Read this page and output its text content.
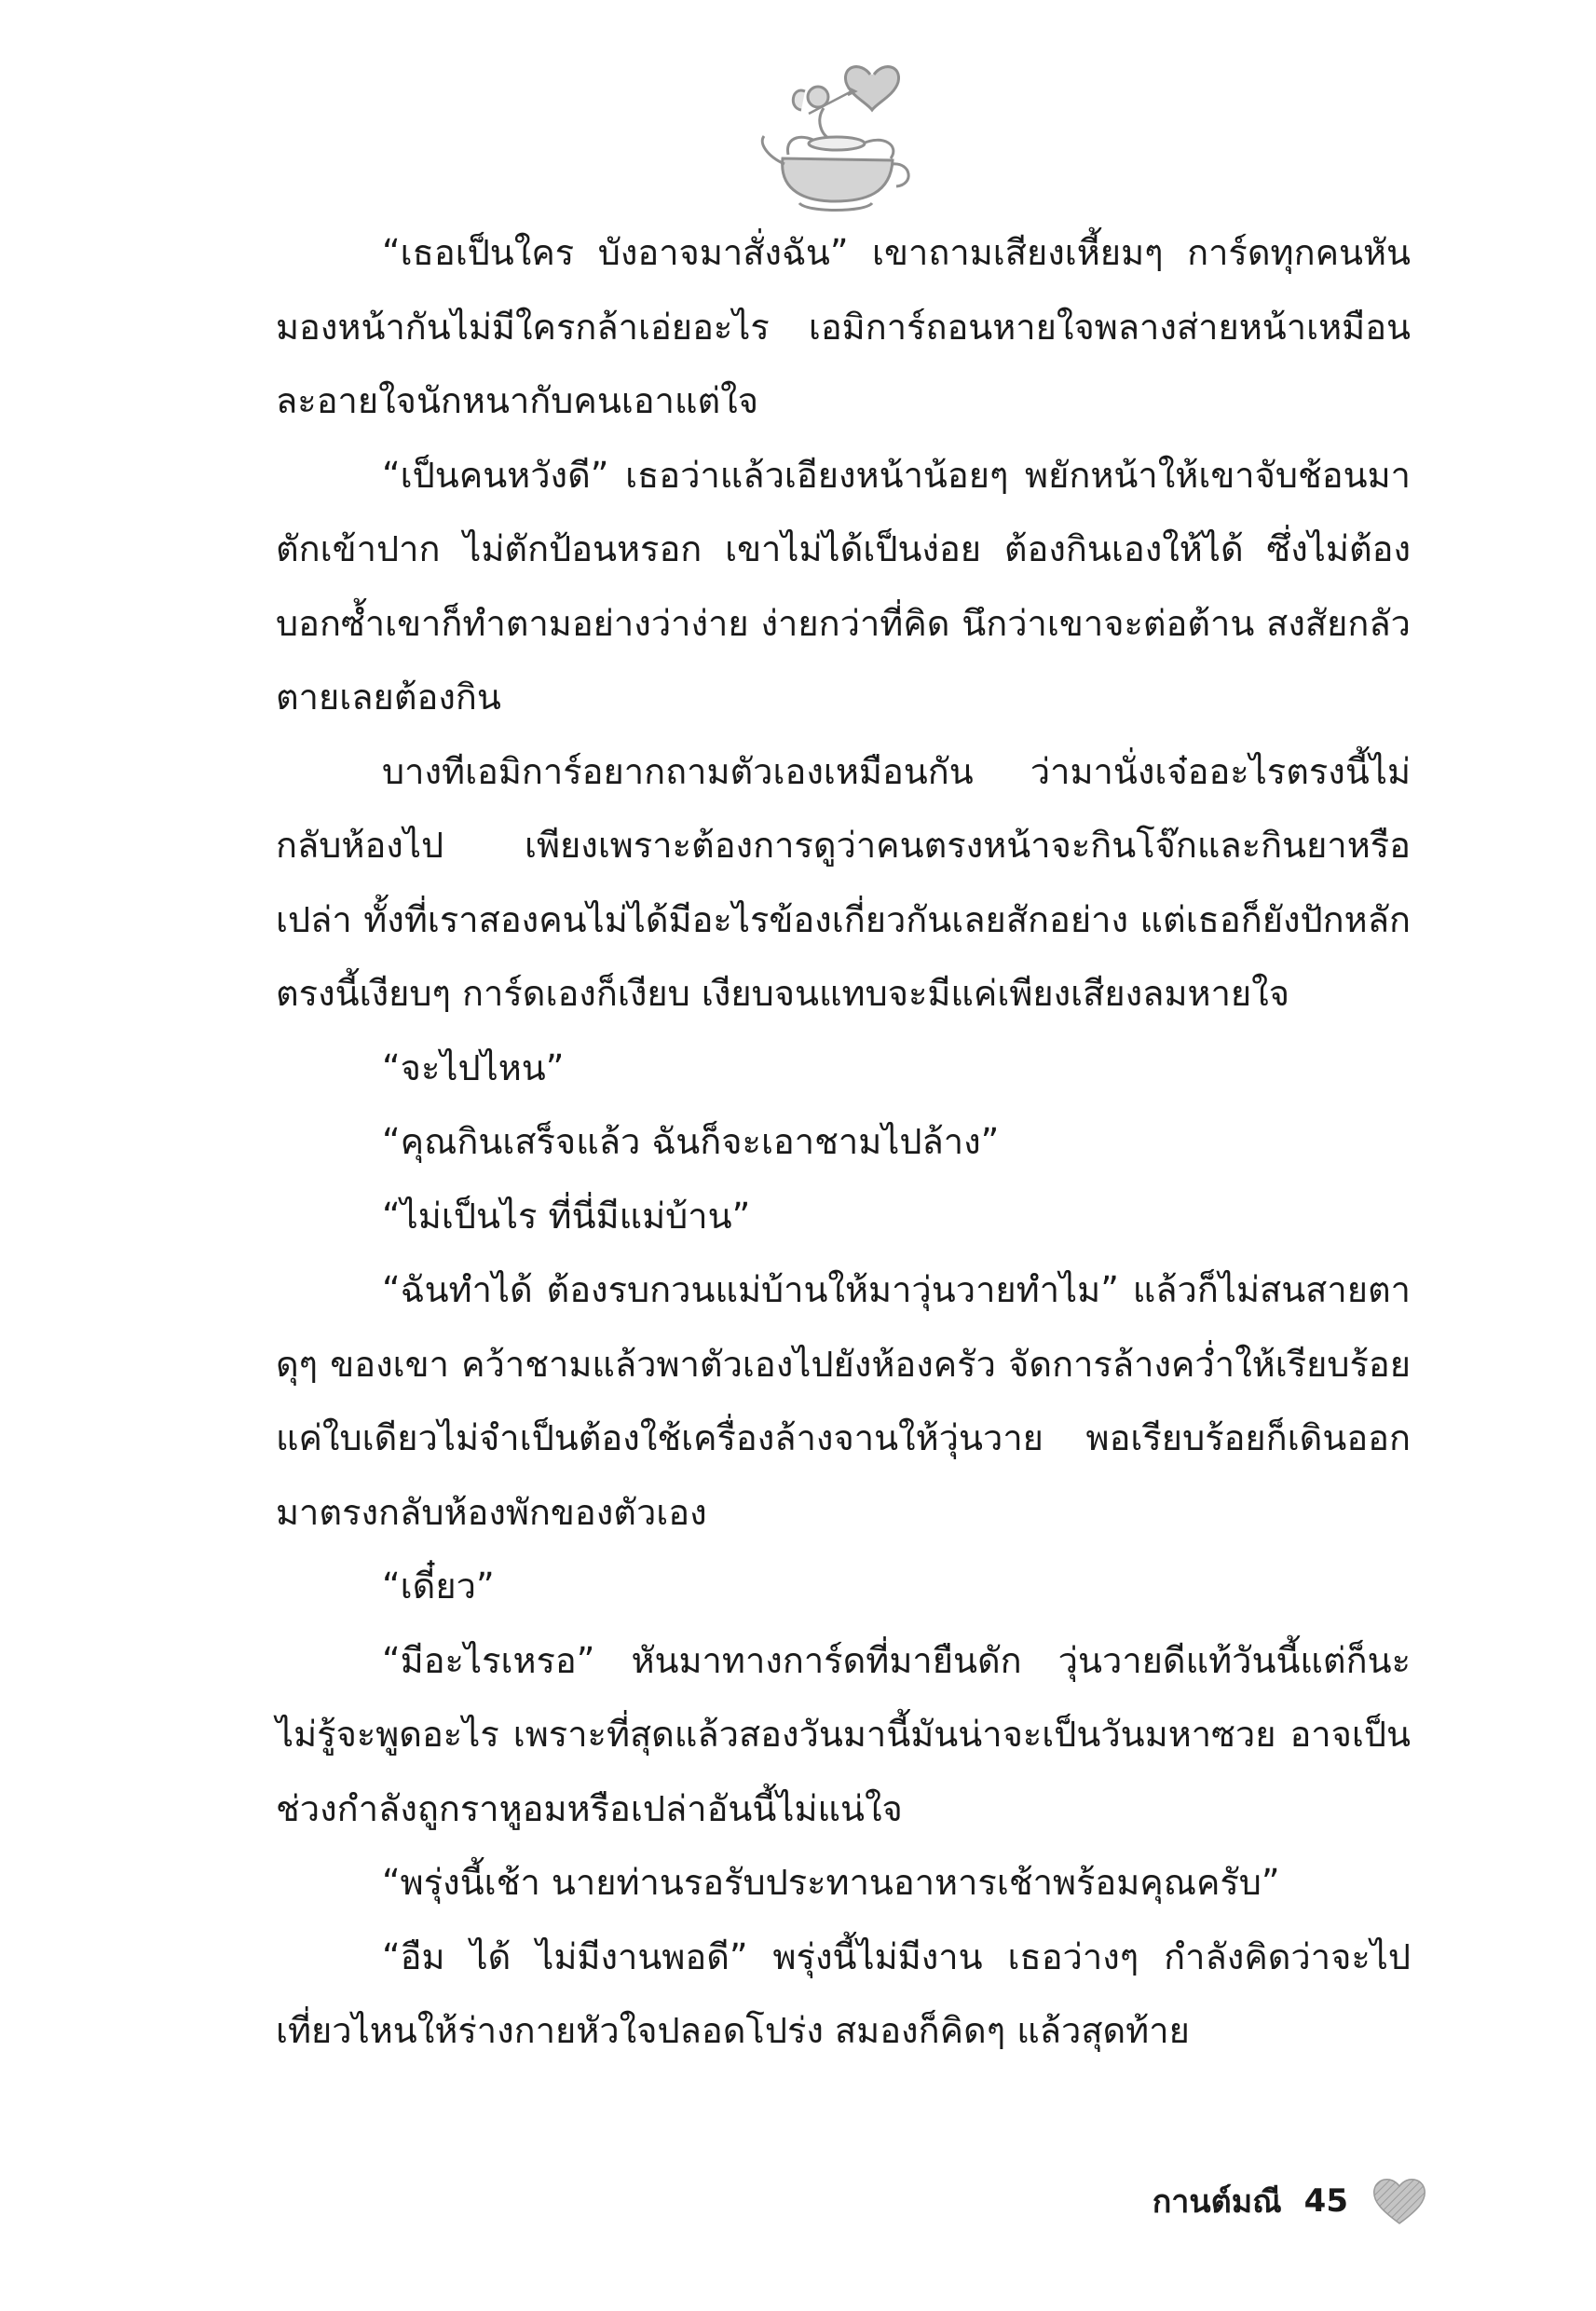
“เธอเป็นใคร บังอาจมาสั่งฉัน” เขาถามเสียงเหี้ยมๆ การ์ดทุกคนหันมองหน้ากันไม่มีใครกล้าเอ่ยอะไร เอมิการ์ถอนหายใจพลางส่ายหน้าเหมือนละอายใจนักหนากับคนเอาแต่ใจ

“เป็นคนหวังดี” เธอว่าแล้วเอียงหน้าน้อยๆ พยักหน้าให้เขาจับช้อนมาตักเข้าปาก ไม่ตักป้อนหรอก เขาไม่ได้เป็นง่อย ต้องกินเองให้ได้ ซึ่งไม่ต้องบอกซ้ำเขาก็ทำตามอย่างว่าง่าย ง่ายกว่าที่คิด นึกว่าเขาจะต่อต้าน สงสัยกลัวตายเลยต้องกิน

บางทีเอมิการ์อยากถามตัวเองเหมือนกัน ว่ามานั่งเจ๋ออะไรตรงนี้ไม่กลับห้องไป เพียงเพราะต้องการดูว่าคนตรงหน้าจะกินโจ๊กและกินยาหรือเปล่า ทั้งที่เราสองคนไม่ได้มีอะไรข้องเกี่ยวกันเลยสักอย่าง แต่เธอก็ยังปักหลักตรงนี้เงียบๆ การ์ดเองก็เงียบ เงียบจนแทบจะมีแค่เพียงเสียงลมหายใจ

“จะไปไหน”

“คุณกินเสร็จแล้ว ฉันก็จะเอาชามไปล้าง”

“ไม่เป็นไร ที่นี่มีแม่บ้าน”

“ฉันทำได้ ต้องรบกวนแม่บ้านให้มาวุ่นวายทำไม” แล้วก็ไม่สนสายตาดุๆ ของเขา คว้าชามแล้วพาตัวเองไปยังห้องครัว จัดการล้างคว่ำให้เรียบร้อย แค่ใบเดียวไม่จำเป็นต้องใช้เครื่องล้างจานให้วุ่นวาย พอเรียบร้อยก็เดินออกมาตรงกลับห้องพักของตัวเอง

“เดี๋ยว”

“มีอะไรเหรอ” หันมาทางการ์ดที่มายืนดัก วุ่นวายดีแท้วันนี้แต่ก็นะ ไม่รู้จะพูดอะไร เพราะที่สุดแล้วสองวันมานี้มันน่าจะเป็นวันมหาซวย อาจเป็นช่วงกำลังถูกราหูอมหรือเปล่าอันนี้ไม่แน่ใจ

“พรุ่งนี้เช้า นายท่านรอรับประทานอาหารเช้าพร้อมคุณครับ”

“อืม ได้ ไม่มีงานพอดี” พรุ่งนี้ไม่มีงาน เธอว่างๆ กำลังคิดว่าจะไปเที่ยวไหนให้ร่างกายหัวใจปลอดโปร่ง สมองก็คิดๆ แล้วสุดท้าย

กานต์มณี 45
